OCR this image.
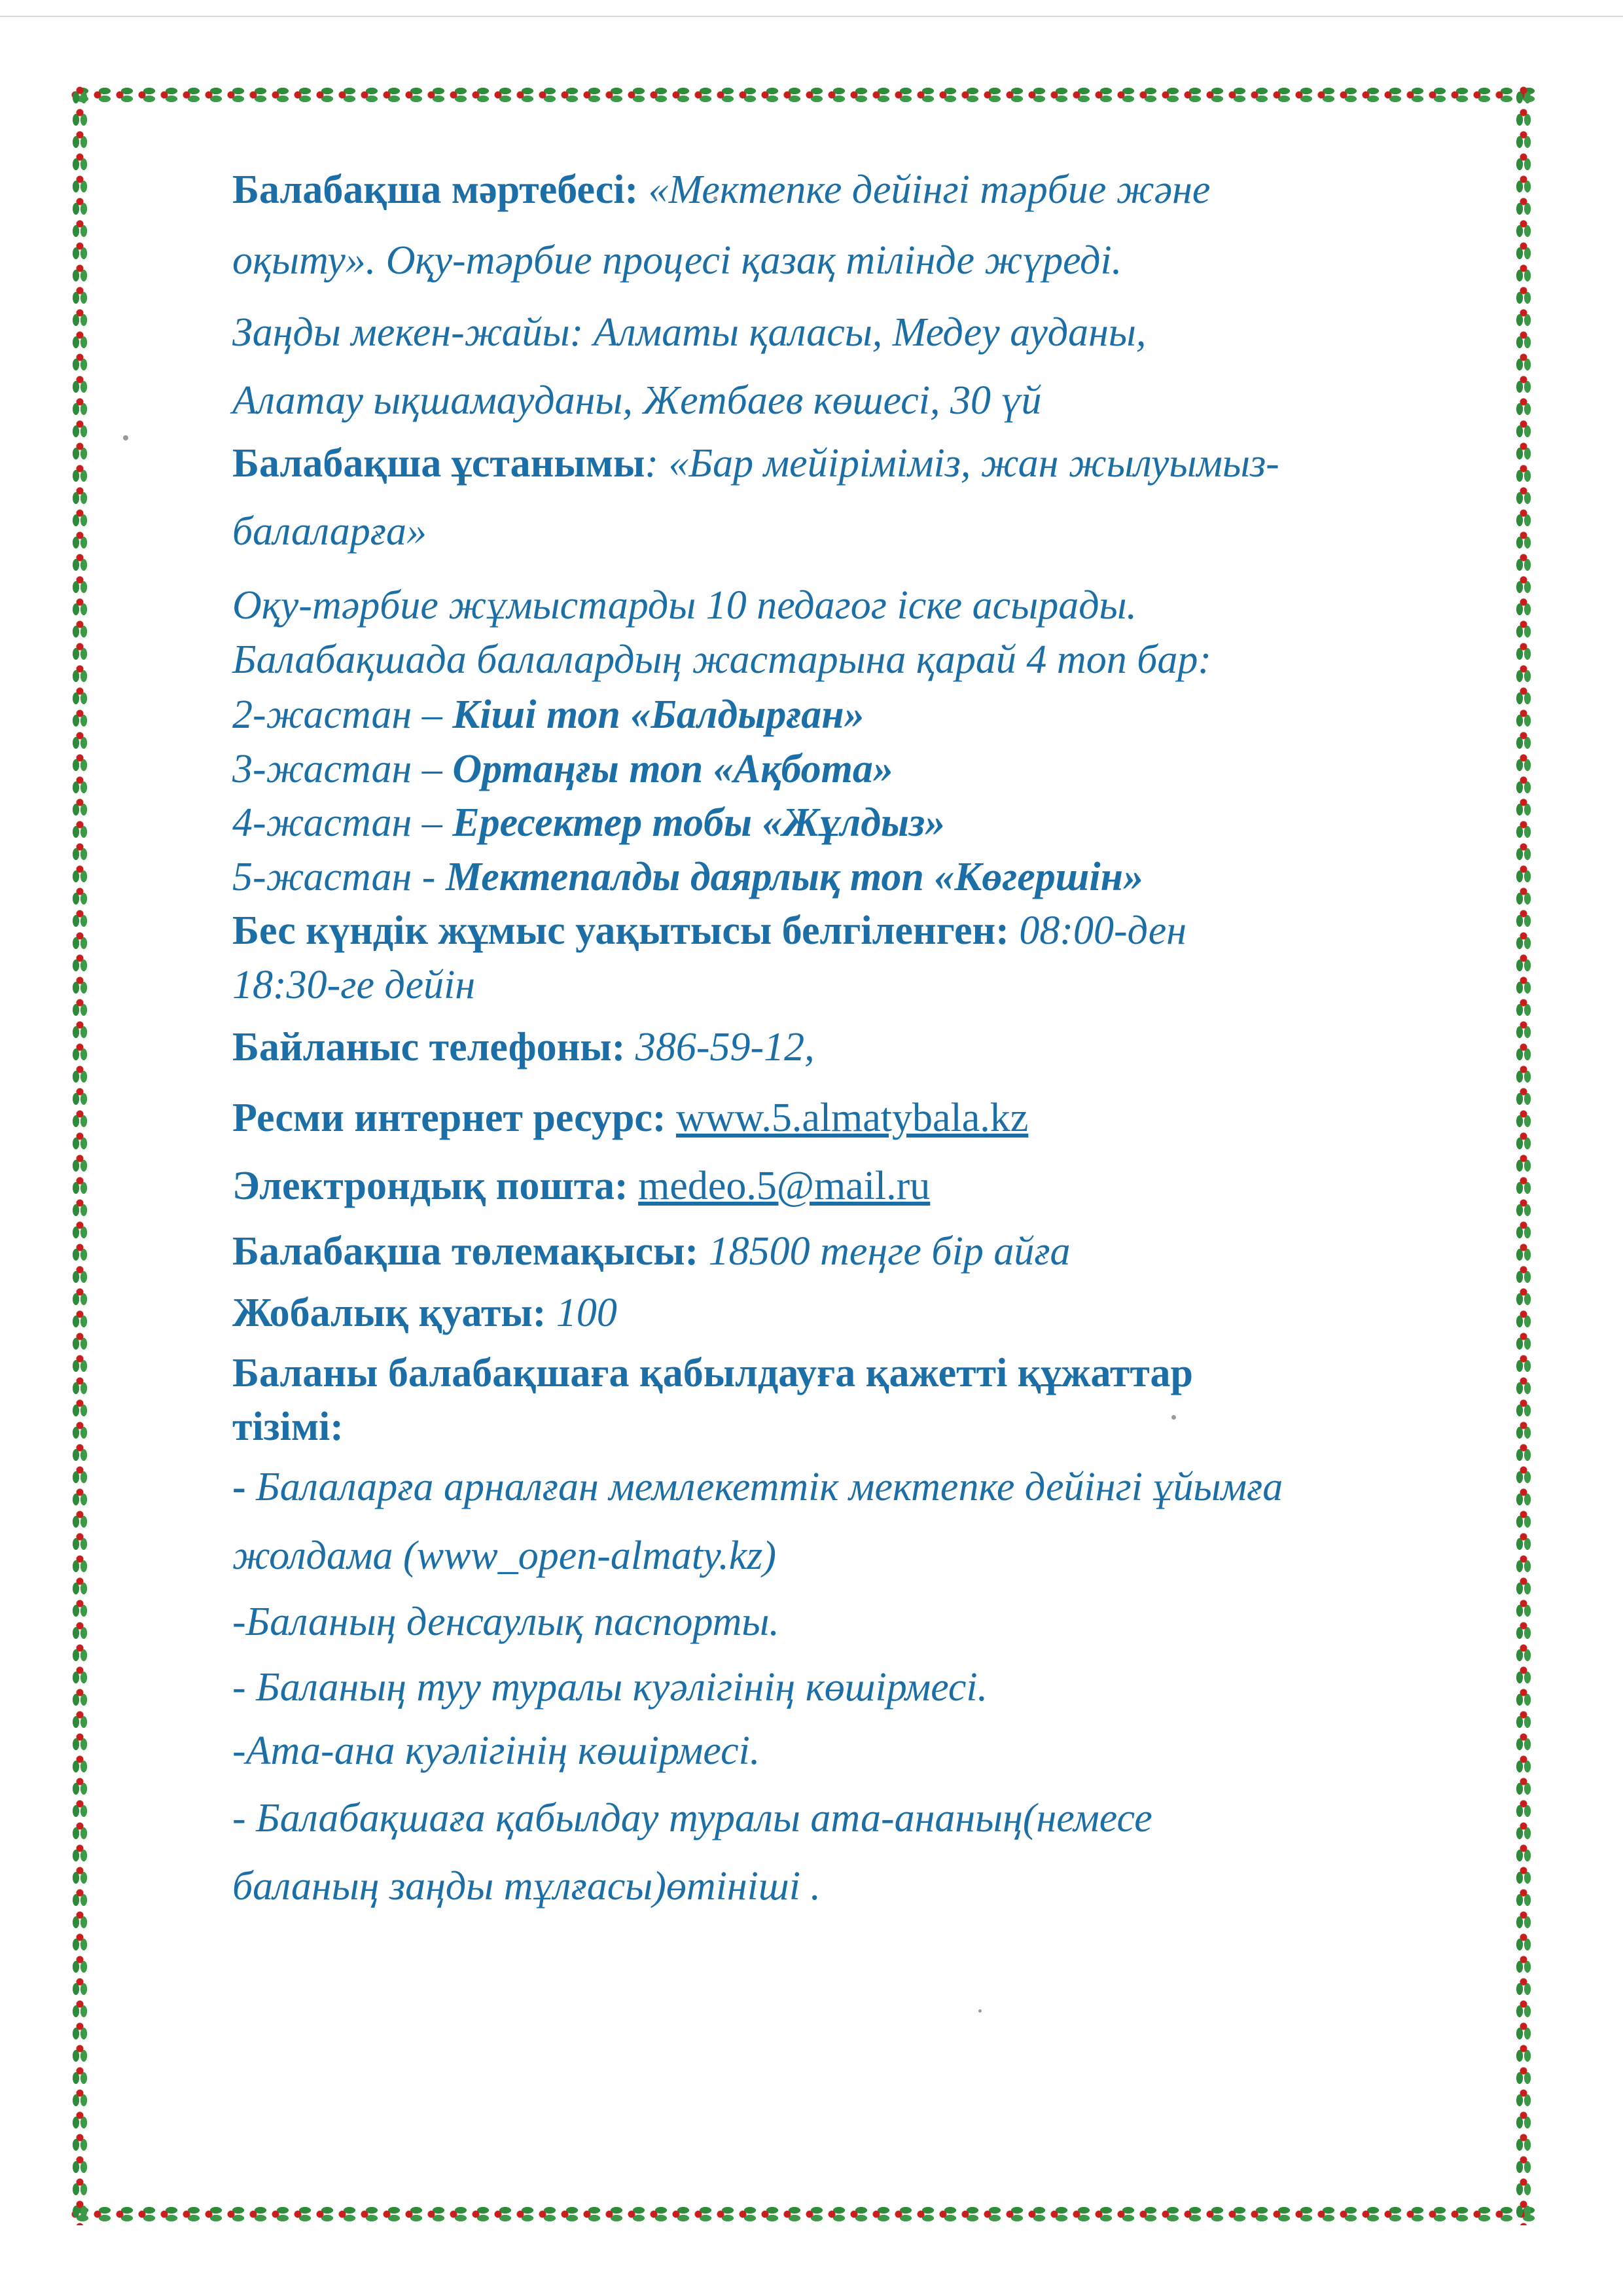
Балабақша мәртебесі: «Мектепке дейінгі тәрбие және
оқыту». Оқу-тәрбие процесі қазақ тілінде жүреді.
Заңды мекен-жайы: Алматы қаласы, Медеу ауданы,
Алатау ықшамауданы, Жетбаев көшесі, 30 үй
Балабақша ұстанымы: «Бар мейіріміміз, жан жылуымыз-
балаларға»
Оқу-тәрбие жұмыстарды 10 педагог іске асырады.
Балабақшада балалардың жастарына қарай 4 топ бар:
2-жастан – Кіші топ «Балдырған»
3-жастан – Ортаңғы топ «Ақбота»
4-жастан – Ересектер тобы «Жұлдыз»
5-жастан - Мектепалды даярлық топ «Көгершін»
Бес күндік жұмыс уақытысы белгіленген: 08:00-ден
18:30-ге дейін
Байланыс телефоны: 386-59-12,
Ресми интернет ресурс: www.5.almatybala.kz
Электрондық пошта: medeo.5@mail.ru
Балабақша төлемақысы: 18500 теңге бір айға
Жобалық қуаты: 100
Баланы балабақшаға қабылдауға қажетті құжаттар
тізімі:
- Балаларға арналған мемлекеттік мектепке дейінгі ұйымға
жолдама (www_open-almaty.kz)
-Баланың денсаулық паспорты.
- Баланың туу туралы куәлігінің көшірмесі.
-Ата-ана куәлігінің көшірмесі.
- Балабақшаға қабылдау туралы ата-ананың(немесе
баланың заңды тұлғасы)өтініші .
